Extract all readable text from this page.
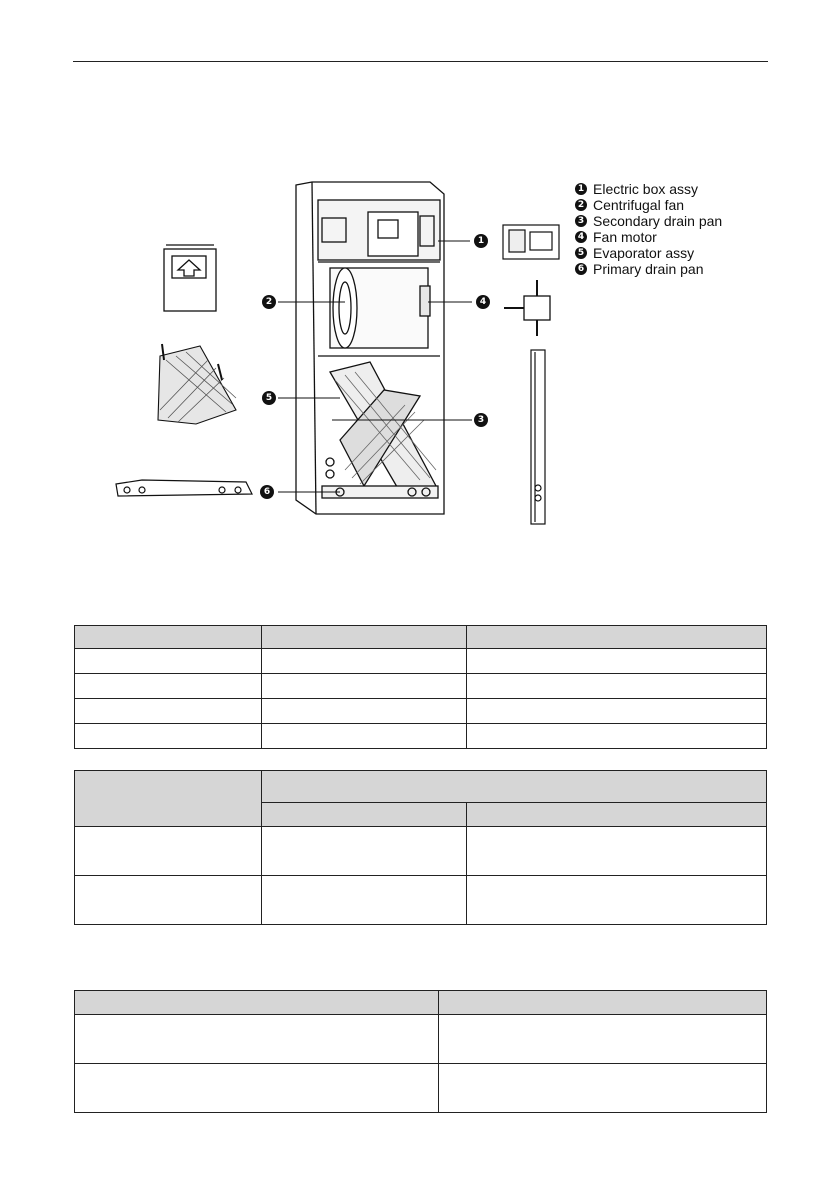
1
2	4
5
3
6
1 Electric box assy
2 Centrifugal fan
3 Secondary drain pan
4 Fan motor
5 Evaporator assy
6 Primary drain pan
